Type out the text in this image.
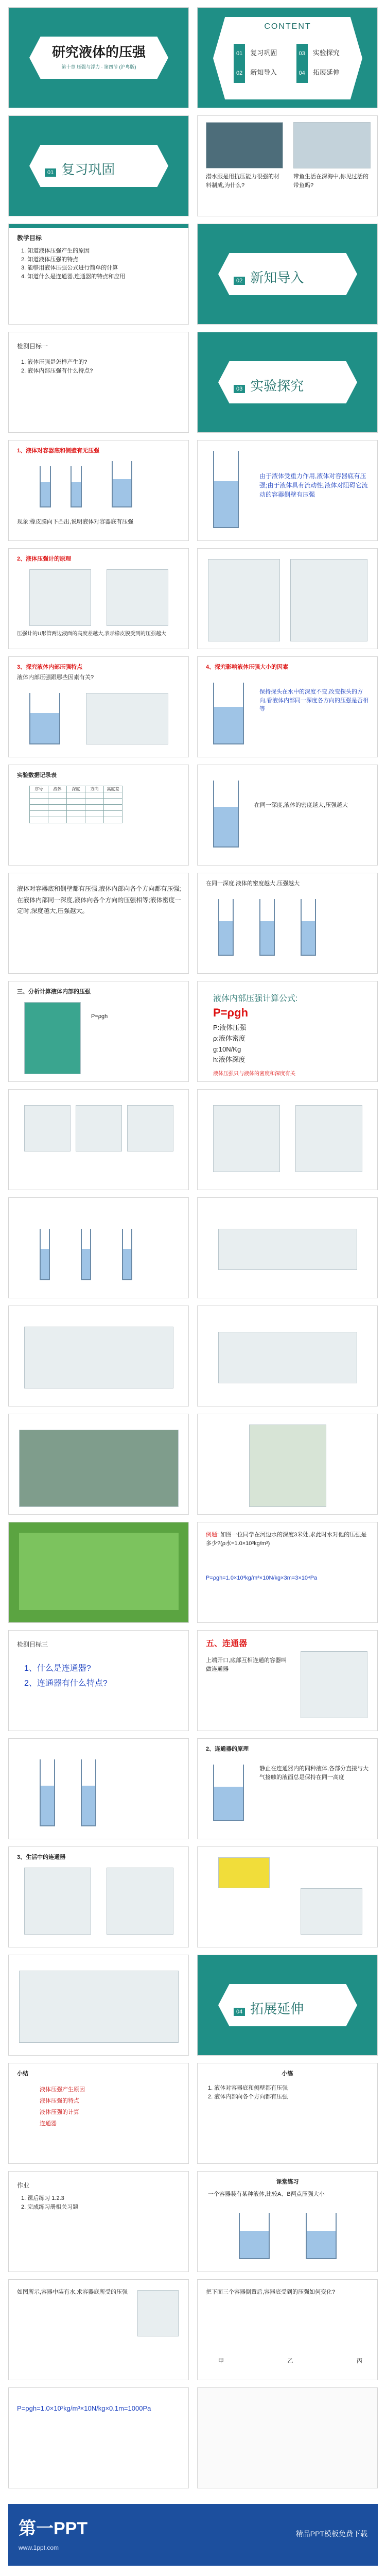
研究液体的压强
第十章 压强与浮力 · 第四节 (沪粤版)
CONTENT
01 复习巩固
02 新知导入
03 实验探究
04 拓展延伸
01 复习巩固	潜水服是用抗压能力很强的材料制成,为什么?
带鱼生活在深海中,你见过活的带鱼吗?
教学目标
1. 知道液体压强产生的原因
2. 知道液体压强的特点
3. 能够用液体压强公式进行简单的计算
4. 知道什么是连通器,连通器的特点和应用
02 新知导入
检测目标一
1. 液体压强是怎样产生的?
2. 液体内部压强有什么特点?
03 实验探究
1、液体对容器底和侧壁有无压强
现象:橡皮膜向下凸出,说明液体对容器底有压强
由于液体受重力作用,液体对容器底有压强;由于液体具有流动性,液体对阻碍它流动的容器侧壁有压强
2、液体压强计的原理
压强计的U形管两边液面的高度差越大,表示橡皮膜受到的压强越大
3、探究液体内部压强特点
液体内部压强跟哪些因素有关?
4、探究影响液体压强大小的因素
保持探头在水中的深度不变,改变探头的方向,看液体内部同一深度各方向的压强是否相等
实验数据记录表
序号	液体	深度	方向	高度差

在同一深度,液体的密度越大,压强越大
液体对容器底和侧壁都有压强,液体内部向各个方向都有压强;在液体内部同一深度,液体向各个方向的压强相等;液体密度一定时,深度越大,压强越大。
在同一深度,液体的密度越大,压强越大
三、分析计算液体内部的压强
P=ρgh
液体内部压强计算公式:
P=ρgh
P:液体压强
ρ:液体密度
g:10N/Kg
h:液体深度
液体压强只与液体的密度和深度有关
例题: 如图一位同学在河边水的深度3米处,求此时水对他的压强是多少?(ρ水=1.0×10³kg/m³)
P=ρgh=1.0×10³kg/m³×10N/kg×3m=3×10⁴Pa
检测目标三
1、什么是连通器?
2、连通器有什么特点?
五、连通器
上端开口,底部互相连通的容器叫做连通器
2、连通器的原理
静止在连通器内的同种液体,各部分直接与大气接触的液面总是保持在同一高度
3、生活中的连通器
04 拓展延伸
小结
液体压强产生原因
液体压强的特点
液体压强的计算
连通器
小练
1. 液体对容器底和侧壁都有压强
2. 液体内部向各个方向都有压强
作业
1. 课后练习 1.2.3
2. 完成练习册相关习题
课堂练习
一个容器装有某种液体,比较A、B两点压强大小
如图所示,容器中装有水,求容器底所受的压强	把下面三个容器倒置后,容器底受到的压强如何变化?
甲	乙	丙
P=ρgh=1.0×10³kg/m³×10N/kg×0.1m=1000Pa
第一PPT
www.1ppt.com
精品PPT模板免费下载
